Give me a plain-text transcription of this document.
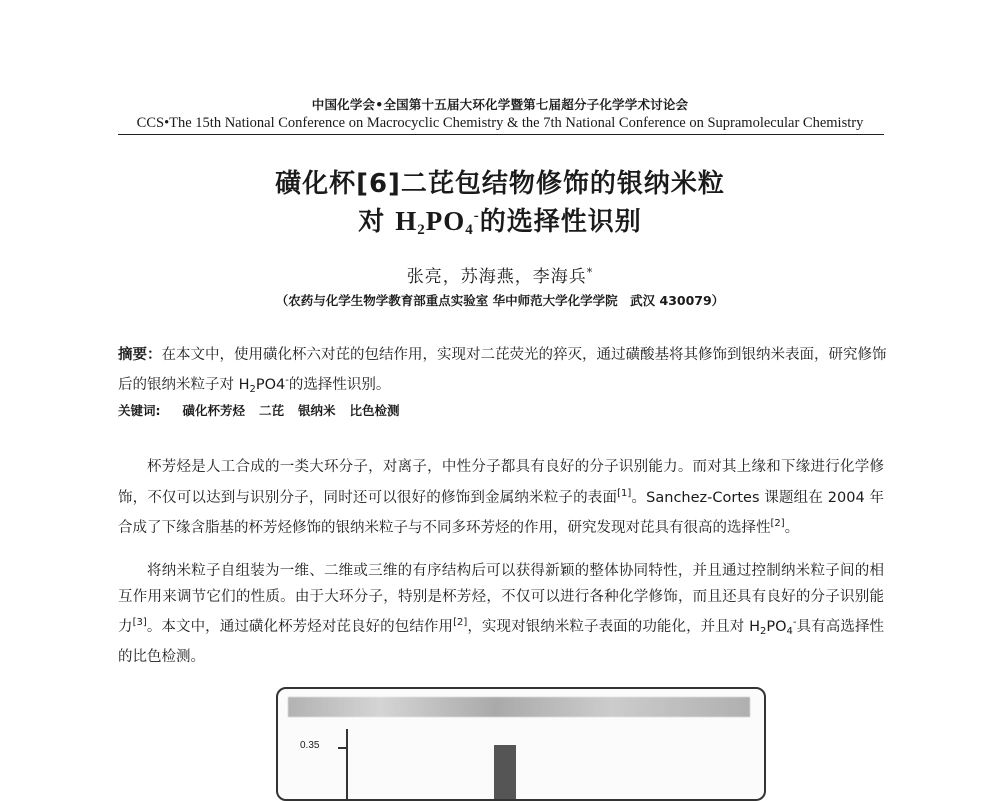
中国化学会•全国第十五届大环化学暨第七届超分子化学学术讨论会
CCS•The 15th National Conference on Macrocyclic Chemistry & the 7th National Conference on Supramolecular Chemistry
磺化杯[6]二芘包结物修饰的银纳米粒
对 $H_2PO_4^-$的选择性识别
张亮，苏海燕，李海兵*
（农药与化学生物学教育部重点实验室 华中师范大学化学学院　武汉 430079）
摘要：在本文中，使用磺化杯六对芘的包结作用，实现对二芘荧光的猝灭，通过磺酸基将其修饰到银纳米表面，研究修饰后的银纳米粒子对 $H_2PO4^-$的选择性识别。
关键词: 磺化杯芳烃 二芘 银纳米 比色检测
杯芳烃是人工合成的一类大环分子，对离子，中性分子都具有良好的分子识别能力。而对其上缘和下缘进行化学修饰，不仅可以达到与识别分子，同时还可以很好的修饰到金属纳米粒子的表面[1]。Sanchez-Cortes 课题组在 2004 年合成了下缘含脂基的杯芳烃修饰的银纳米粒子与不同多环芳烃的作用，研究发现对芘具有很高的选择性[2]。
将纳米粒子自组装为一维、二维或三维的有序结构后可以获得新颖的整体协同特性，并且通过控制纳米粒子间的相互作用来调节它们的性质。由于大环分子，特别是杯芳烃，不仅可以进行各种化学修饰，而且还具有良好的分子识别能力[3]。本文中，通过磺化杯芳烃对芘良好的包结作用[2]，实现对银纳米粒子表面的功能化，并且对 $H_2PO_4^-$具有高选择性的比色检测。
0.35
